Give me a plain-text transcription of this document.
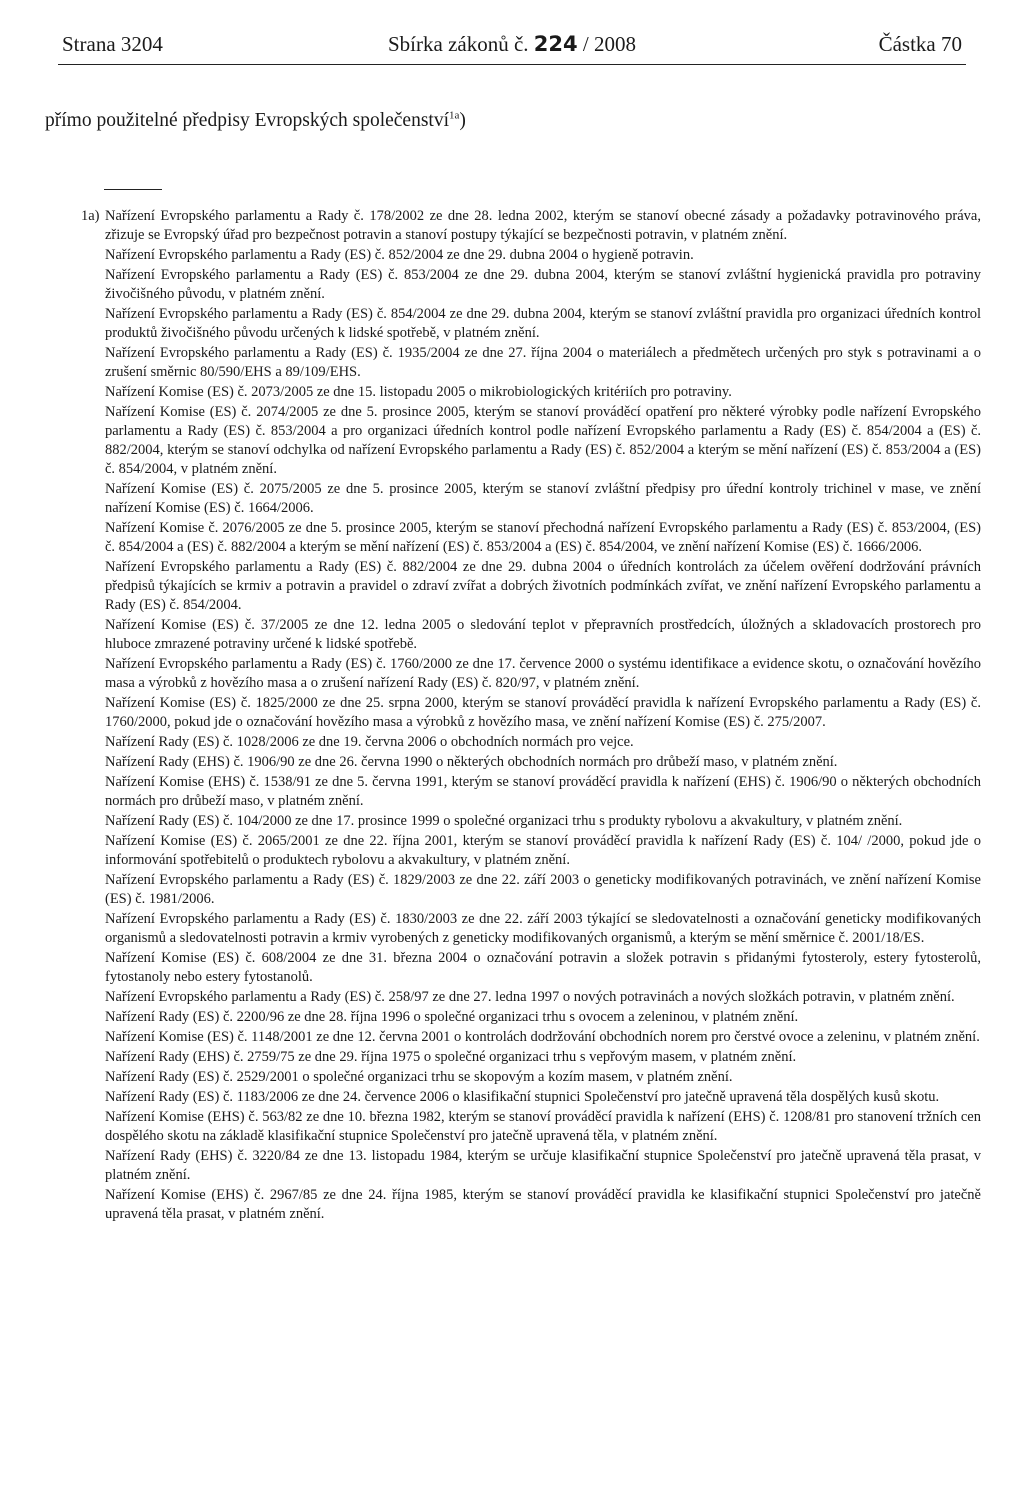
Strana 3204	Sbírka zákonů č. 224 / 2008	Částka 70
přímo použitelné předpisy Evropských společenství$^{1a}$)
1a) Nařízení Evropského parlamentu a Rady č. 178/2002 ze dne 28. ledna 2002, kterým se stanoví obecné zásady a požadavky potravinového práva, zřizuje se Evropský úřad pro bezpečnost potravin a stanoví postupy týkající se bezpečnosti potravin, v platném znění.
Nařízení Evropského parlamentu a Rady (ES) č. 852/2004 ze dne 29. dubna 2004 o hygieně potravin.
Nařízení Evropského parlamentu a Rady (ES) č. 853/2004 ze dne 29. dubna 2004, kterým se stanoví zvláštní hygienická pravidla pro potraviny živočišného původu, v platném znění.
Nařízení Evropského parlamentu a Rady (ES) č. 854/2004 ze dne 29. dubna 2004, kterým se stanoví zvláštní pravidla pro organizaci úředních kontrol produktů živočišného původu určených k lidské spotřebě, v platném znění.
Nařízení Evropského parlamentu a Rady (ES) č. 1935/2004 ze dne 27. října 2004 o materiálech a předmětech určených pro styk s potravinami a o zrušení směrnic 80/590/EHS a 89/109/EHS.
Nařízení Komise (ES) č. 2073/2005 ze dne 15. listopadu 2005 o mikrobiologických kritériích pro potraviny.
Nařízení Komise (ES) č. 2074/2005 ze dne 5. prosince 2005, kterým se stanoví prováděcí opatření pro některé výrobky podle nařízení Evropského parlamentu a Rady (ES) č. 853/2004 a pro organizaci úředních kontrol podle nařízení Evropského parlamentu a Rady (ES) č. 854/2004 a (ES) č. 882/2004, kterým se stanoví odchylka od nařízení Evropského parlamentu a Rady (ES) č. 852/2004 a kterým se mění nařízení (ES) č. 853/2004 a (ES) č. 854/2004, v platném znění.
Nařízení Komise (ES) č. 2075/2005 ze dne 5. prosince 2005, kterým se stanoví zvláštní předpisy pro úřední kontroly trichinel v mase, ve znění nařízení Komise (ES) č. 1664/2006.
Nařízení Komise č. 2076/2005 ze dne 5. prosince 2005, kterým se stanoví přechodná nařízení Evropského parlamentu a Rady (ES) č. 853/2004, (ES) č. 854/2004 a (ES) č. 882/2004 a kterým se mění nařízení (ES) č. 853/2004 a (ES) č. 854/2004, ve znění nařízení Komise (ES) č. 1666/2006.
Nařízení Evropského parlamentu a Rady (ES) č. 882/2004 ze dne 29. dubna 2004 o úředních kontrolách za účelem ověření dodržování právních předpisů týkajících se krmiv a potravin a pravidel o zdraví zvířat a dobrých životních podmínkách zvířat, ve znění nařízení Evropského parlamentu a Rady (ES) č. 854/2004.
Nařízení Komise (ES) č. 37/2005 ze dne 12. ledna 2005 o sledování teplot v přepravních prostředcích, úložných a skladovacích prostorech pro hluboce zmrazené potraviny určené k lidské spotřebě.
Nařízení Evropského parlamentu a Rady (ES) č. 1760/2000 ze dne 17. července 2000 o systému identifikace a evidence skotu, o označování hovězího masa a výrobků z hovězího masa a o zrušení nařízení Rady (ES) č. 820/97, v platném znění.
Nařízení Komise (ES) č. 1825/2000 ze dne 25. srpna 2000, kterým se stanoví prováděcí pravidla k nařízení Evropského parlamentu a Rady (ES) č. 1760/2000, pokud jde o označování hovězího masa a výrobků z hovězího masa, ve znění nařízení Komise (ES) č. 275/2007.
Nařízení Rady (ES) č. 1028/2006 ze dne 19. června 2006 o obchodních normách pro vejce.
Nařízení Rady (EHS) č. 1906/90 ze dne 26. června 1990 o některých obchodních normách pro drůbeží maso, v platném znění.
Nařízení Komise (EHS) č. 1538/91 ze dne 5. června 1991, kterým se stanoví prováděcí pravidla k nařízení (EHS) č. 1906/90 o některých obchodních normách pro drůbeží maso, v platném znění.
Nařízení Rady (ES) č. 104/2000 ze dne 17. prosince 1999 o společné organizaci trhu s produkty rybolovu a akvakultury, v platném znění.
Nařízení Komise (ES) č. 2065/2001 ze dne 22. října 2001, kterým se stanoví prováděcí pravidla k nařízení Rady (ES) č. 104/ /2000, pokud jde o informování spotřebitelů o produktech rybolovu a akvakultury, v platném znění.
Nařízení Evropského parlamentu a Rady (ES) č. 1829/2003 ze dne 22. září 2003 o geneticky modifikovaných potravinách, ve znění nařízení Komise (ES) č. 1981/2006.
Nařízení Evropského parlamentu a Rady (ES) č. 1830/2003 ze dne 22. září 2003 týkající se sledovatelnosti a označování geneticky modifikovaných organismů a sledovatelnosti potravin a krmiv vyrobených z geneticky modifikovaných organismů, a kterým se mění směrnice č. 2001/18/ES.
Nařízení Komise (ES) č. 608/2004 ze dne 31. března 2004 o označování potravin a složek potravin s přidanými fytosteroly, estery fytosterolů, fytostanoly nebo estery fytostanolů.
Nařízení Evropského parlamentu a Rady (ES) č. 258/97 ze dne 27. ledna 1997 o nových potravinách a nových složkách potravin, v platném znění.
Nařízení Rady (ES) č. 2200/96 ze dne 28. října 1996 o společné organizaci trhu s ovocem a zeleninou, v platném znění.
Nařízení Komise (ES) č. 1148/2001 ze dne 12. června 2001 o kontrolách dodržování obchodních norem pro čerstvé ovoce a zeleninu, v platném znění.
Nařízení Rady (EHS) č. 2759/75 ze dne 29. října 1975 o společné organizaci trhu s vepřovým masem, v platném znění.
Nařízení Rady (ES) č. 2529/2001 o společné organizaci trhu se skopovým a kozím masem, v platném znění.
Nařízení Rady (ES) č. 1183/2006 ze dne 24. července 2006 o klasifikační stupnici Společenství pro jatečně upravená těla dospělých kusů skotu.
Nařízení Komise (EHS) č. 563/82 ze dne 10. března 1982, kterým se stanoví prováděcí pravidla k nařízení (EHS) č. 1208/81 pro stanovení tržních cen dospělého skotu na základě klasifikační stupnice Společenství pro jatečně upravená těla, v platném znění.
Nařízení Rady (EHS) č. 3220/84 ze dne 13. listopadu 1984, kterým se určuje klasifikační stupnice Společenství pro jatečně upravená těla prasat, v platném znění.
Nařízení Komise (EHS) č. 2967/85 ze dne 24. října 1985, kterým se stanoví prováděcí pravidla ke klasifikační stupnici Společenství pro jatečně upravená těla prasat, v platném znění.
